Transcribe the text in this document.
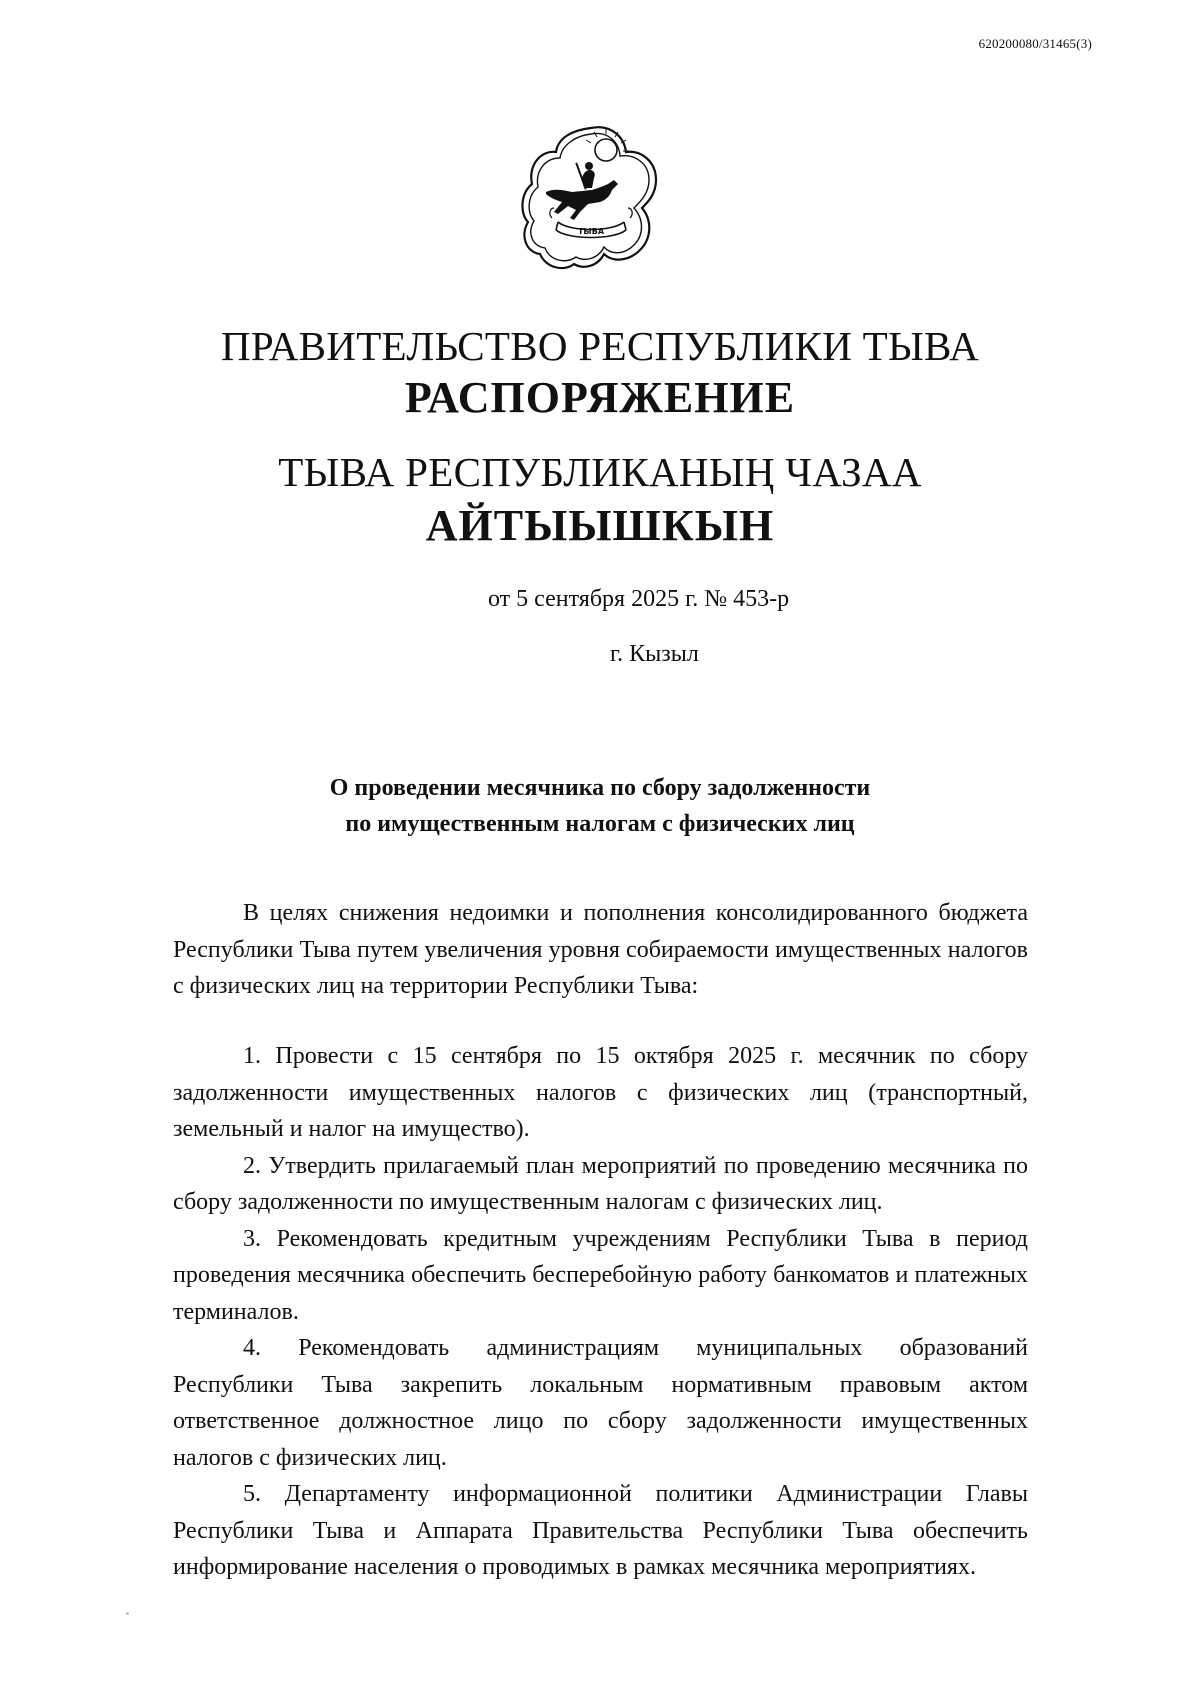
620200080/31465(3)
ТЫВА
ПРАВИТЕЛЬСТВО РЕСПУБЛИКИ ТЫВА
РАСПОРЯЖЕНИЕ
ТЫВА РЕСПУБЛИКАНЫҢ ЧАЗАА
АЙТЫЫШКЫН
от 5 сентября 2025 г. № 453-р
г. Кызыл
О проведении месячника по сбору задолженности
по имущественным налогам с физических лиц

В целях снижения недоимки и пополнения консолидированного бюджета Республики Тыва путем увеличения уровня собираемости имущественных налогов с физических лиц на территории Республики Тыва:

1. Провести с 15 сентября по 15 октября 2025 г. месячник по сбору задолженности имущественных налогов с физических лиц (транспортный, земельный и налог на имущество).

2. Утвердить прилагаемый план мероприятий по проведению месячника по сбору задолженности по имущественным налогам с физических лиц.

3. Рекомендовать кредитным учреждениям Республики Тыва в период проведения месячника обеспечить бесперебойную работу банкоматов и платежных терминалов.

4. Рекомендовать администрациям муниципальных образований Республики Тыва закрепить локальным нормативным правовым актом ответственное должностное лицо по сбору задолженности имущественных налогов с физических лиц.

5. Департаменту информационной политики Администрации Главы Республики Тыва и Аппарата Правительства Республики Тыва обеспечить информирование населения о проводимых в рамках месячника мероприятиях.
